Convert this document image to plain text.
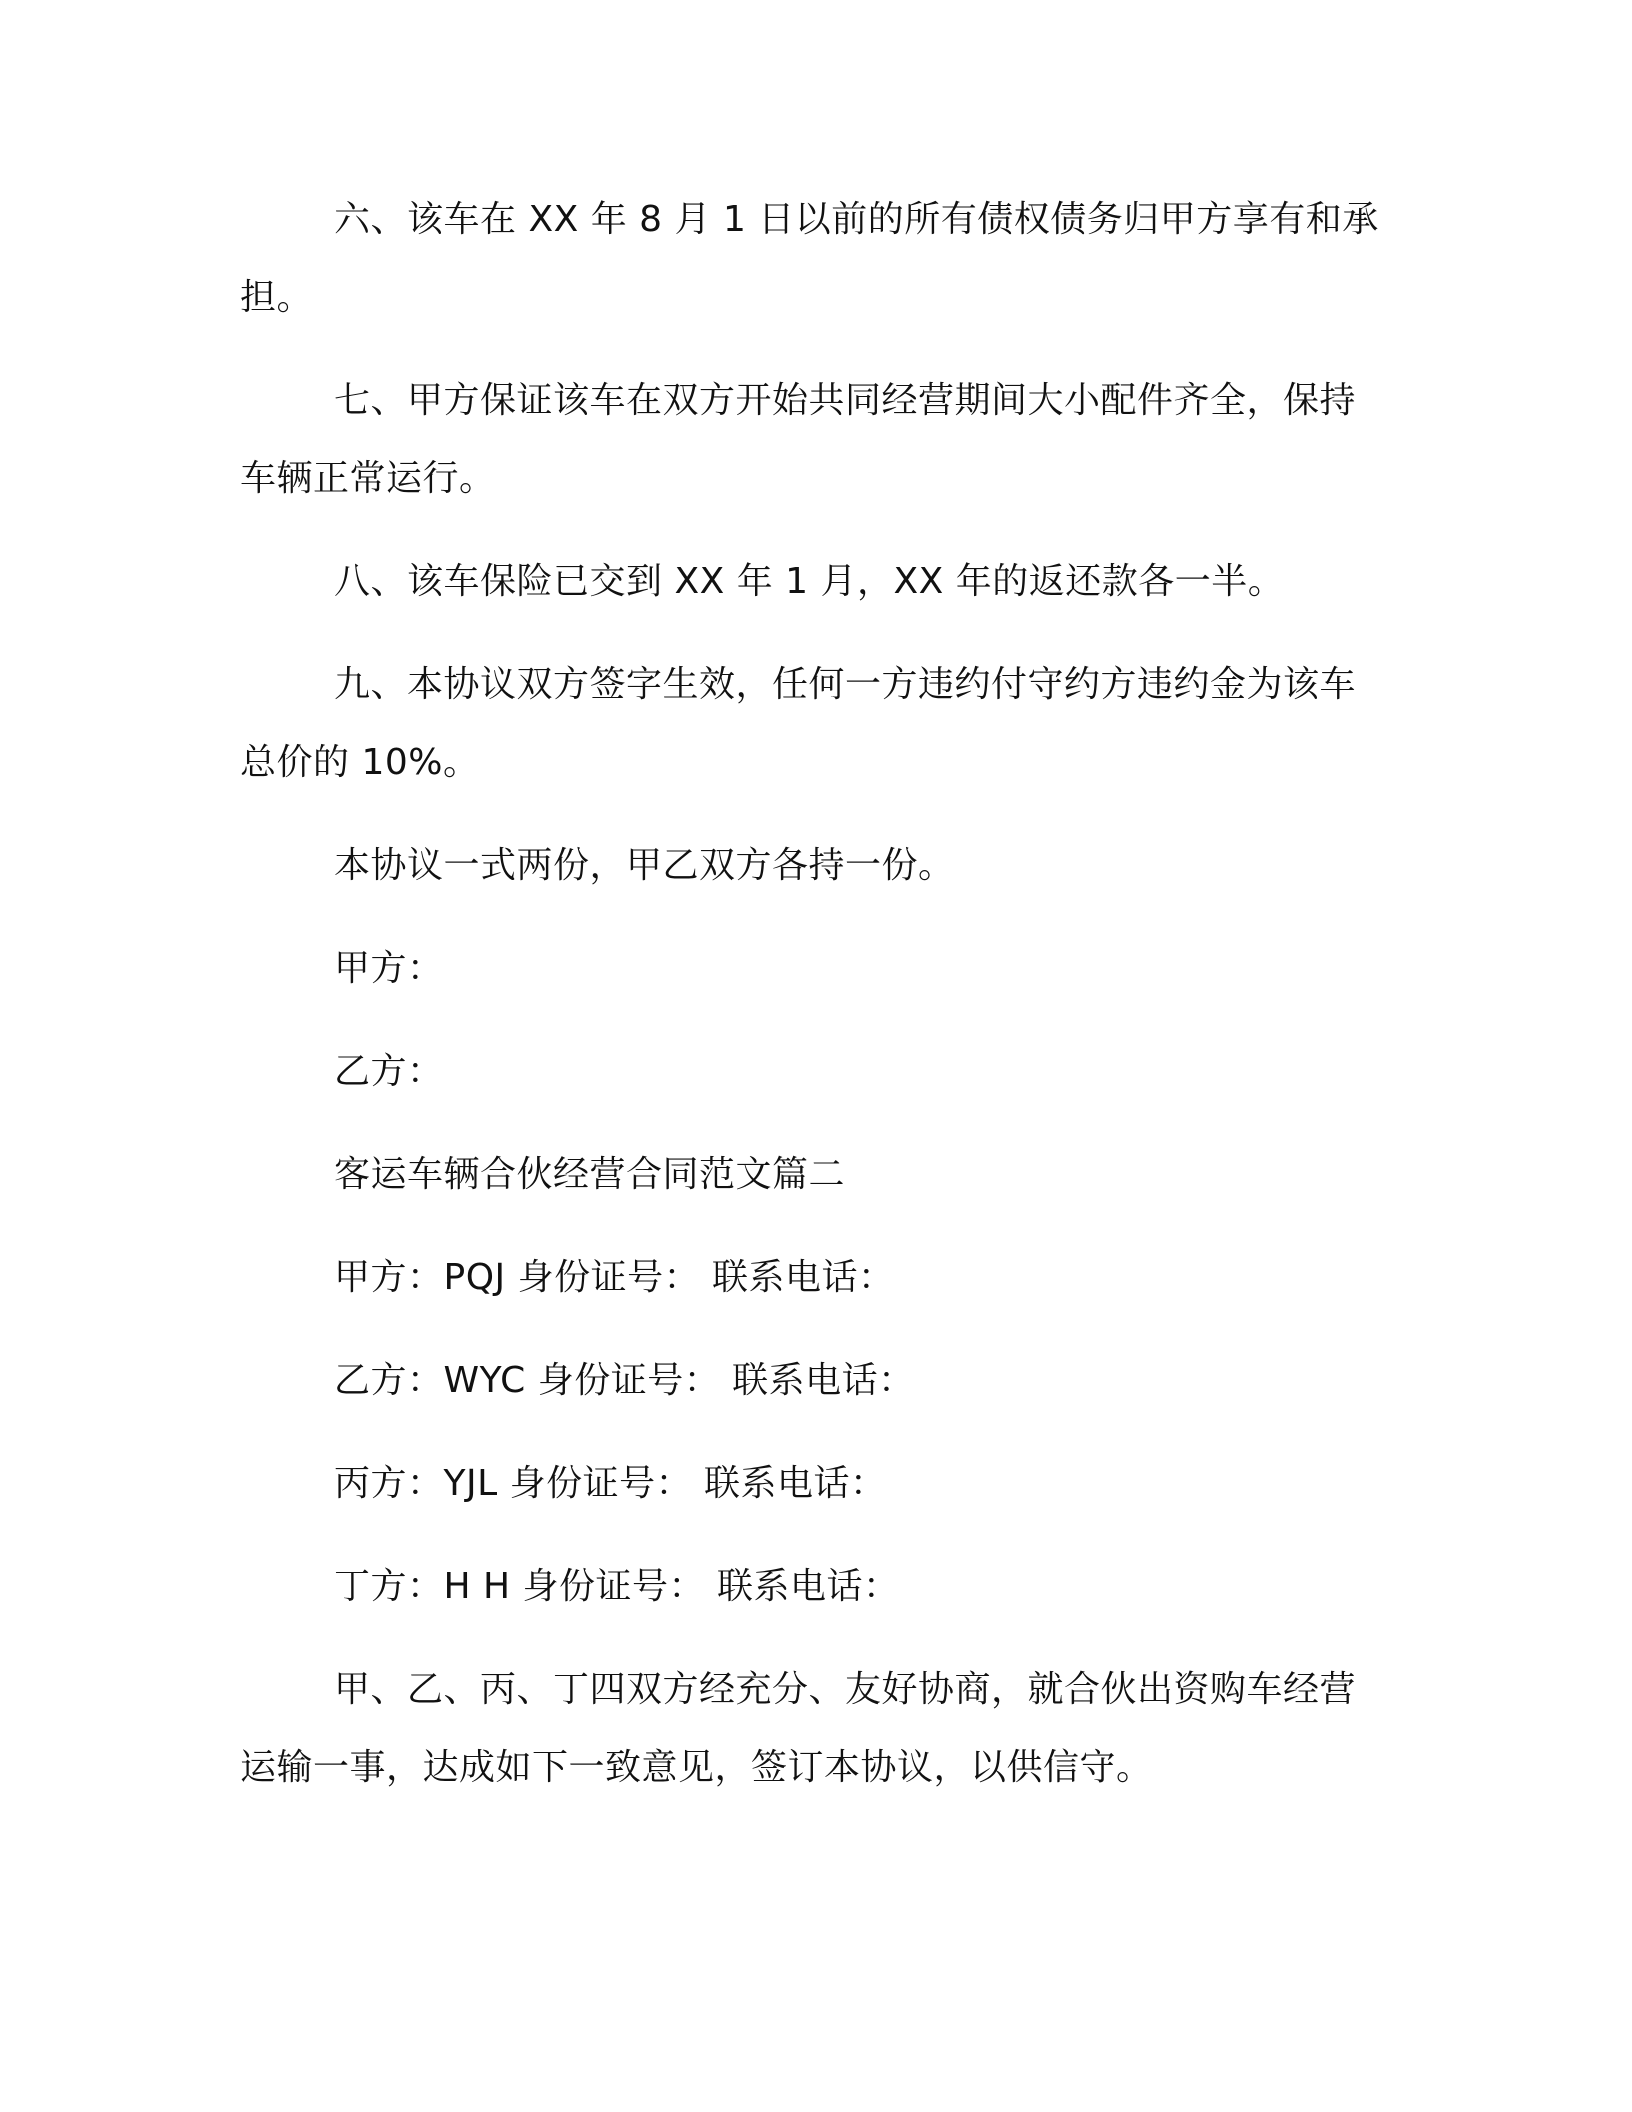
六、该车在 XX 年 8 月 1 日以前的所有债权债务归甲方享有和承
担。
七、甲方保证该车在双方开始共同经营期间大小配件齐全，保持
车辆正常运行。
八、该车保险已交到 XX 年 1 月，XX 年的返还款各一半。
九、本协议双方签字生效，任何一方违约付守约方违约金为该车
总价的 10%。
本协议一式两份，甲乙双方各持一份。
甲方：
乙方：
客运车辆合伙经营合同范文篇二
甲方：PQJ 身份证号： 联系电话：
乙方：WYC 身份证号： 联系电话：
丙方：YJL 身份证号： 联系电话：
丁方：H H 身份证号： 联系电话：
甲、乙、丙、丁四双方经充分、友好协商，就合伙出资购车经营
运输一事，达成如下一致意见，签订本协议，以供信守。
